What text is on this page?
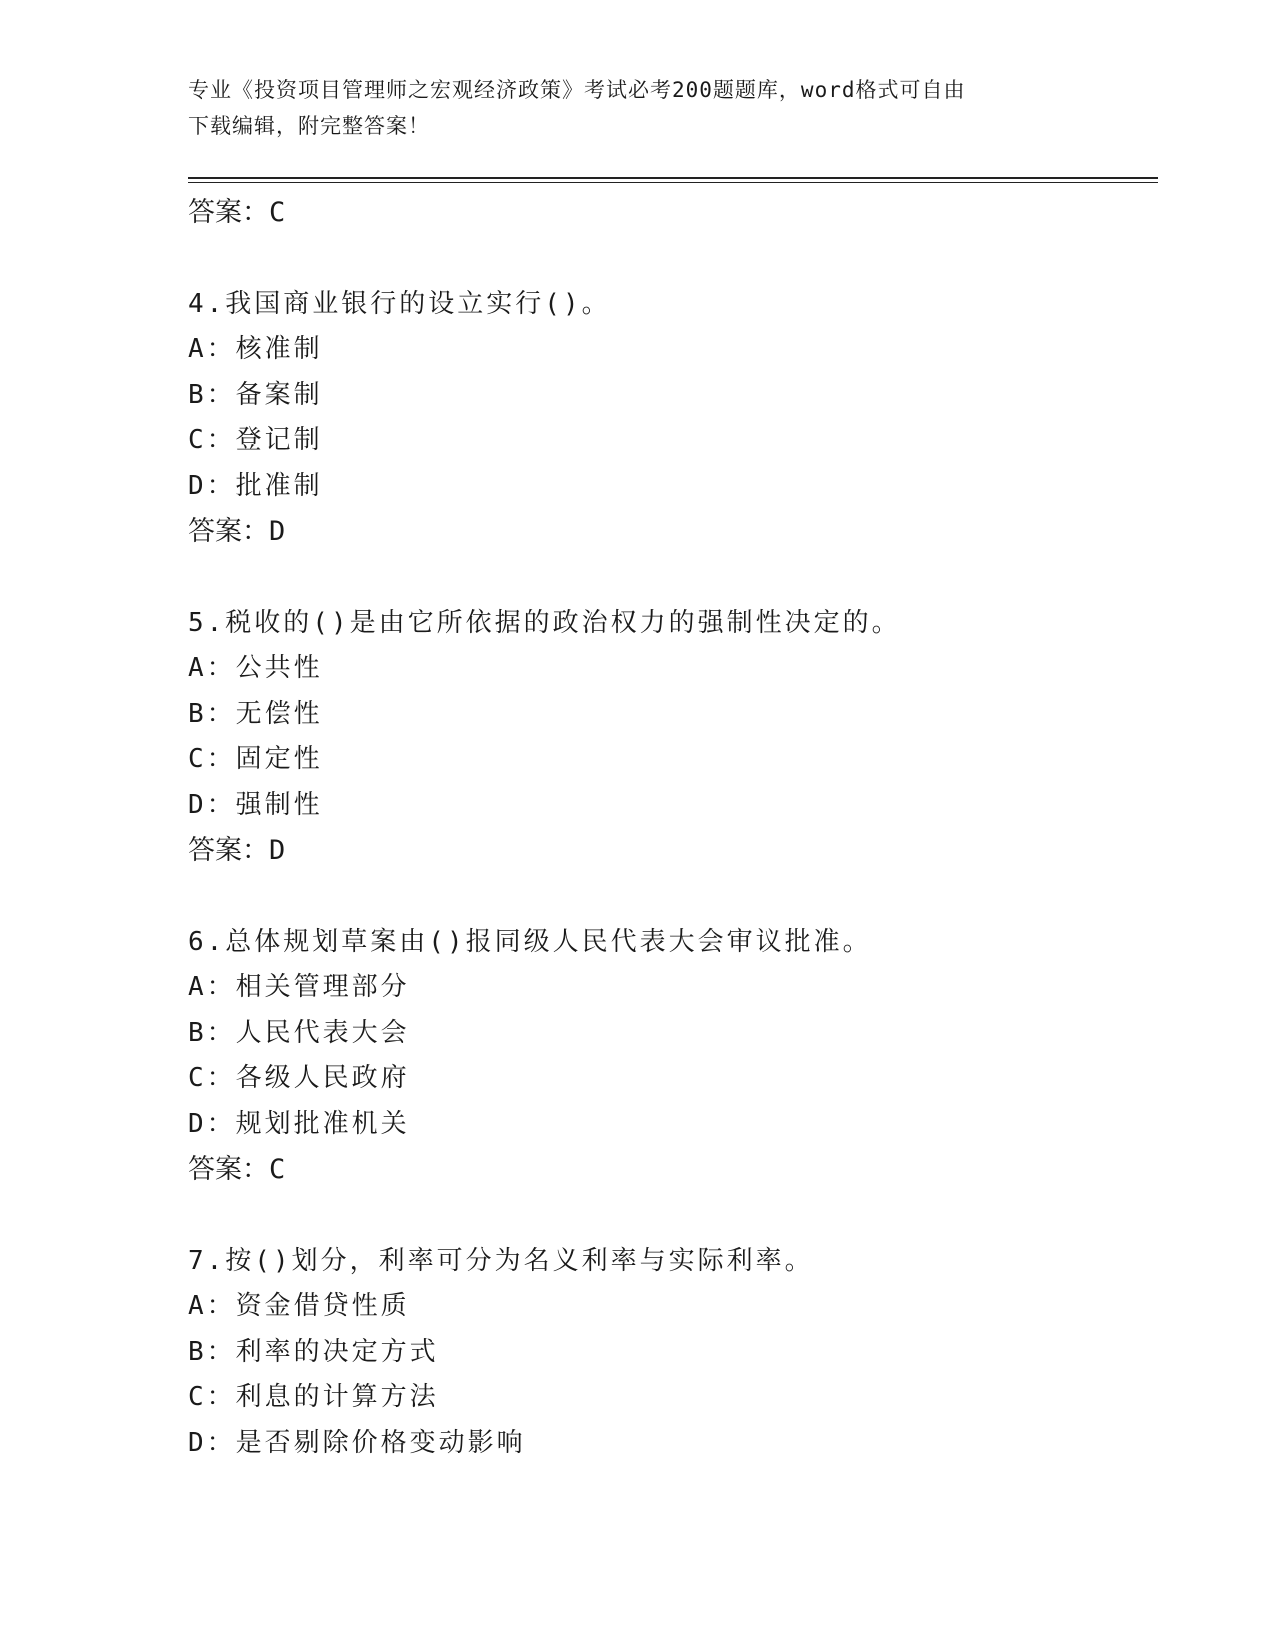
专业《投资项目管理师之宏观经济政策》考试必考200题题库，word格式可自由
下载编辑，附完整答案！
答案：C
4.我国商业银行的设立实行()。
A：核准制
B：备案制
C：登记制
D：批准制
答案：D
5.税收的()是由它所依据的政治权力的强制性决定的。
A：公共性
B：无偿性
C：固定性
D：强制性
答案：D
6.总体规划草案由()报同级人民代表大会审议批准。
A：相关管理部分
B：人民代表大会
C：各级人民政府
D：规划批准机关
答案：C
7.按()划分，利率可分为名义利率与实际利率。
A：资金借贷性质
B：利率的决定方式
C：利息的计算方法
D：是否剔除价格变动影响
